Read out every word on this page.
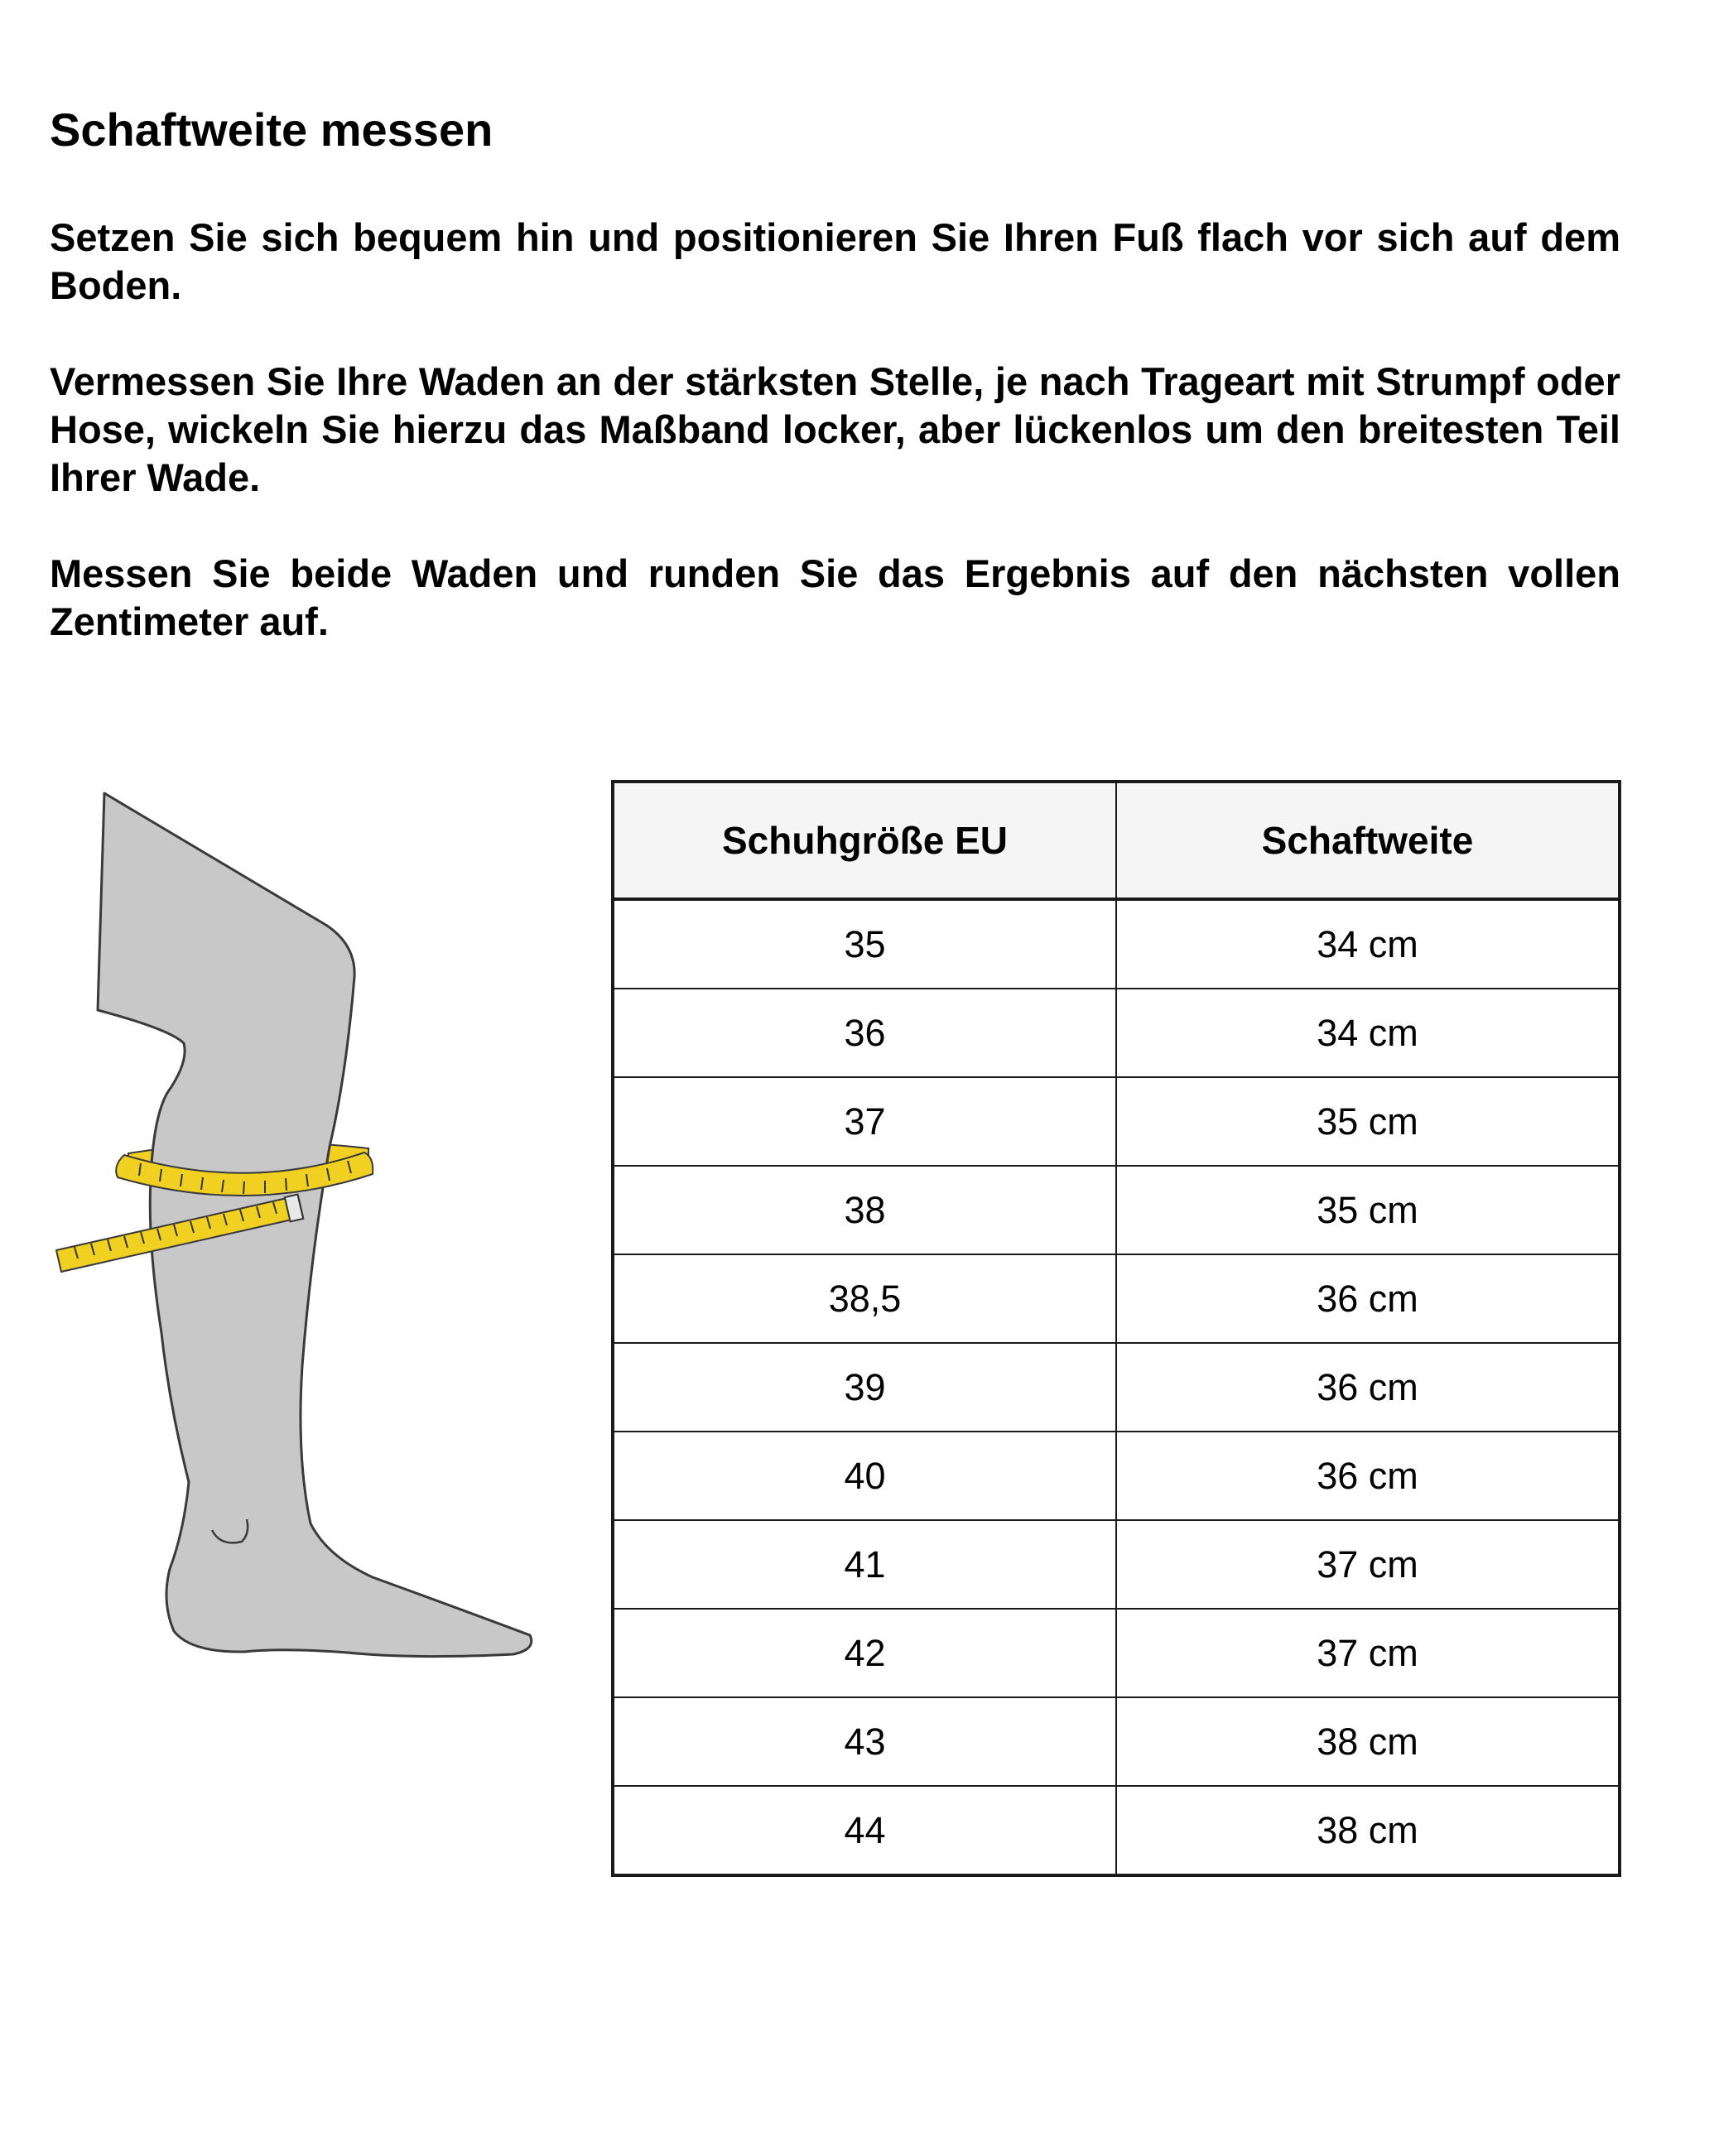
Schaftweite messen

Setzen Sie sich bequem hin und positionieren Sie Ihren Fuß flach vor sich auf dem Boden.

Vermessen Sie Ihre Waden an der stärksten Stelle, je nach Trageart mit Strumpf oder Hose, wickeln Sie hierzu das Maßband locker, aber lückenlos um den breitesten Teil Ihrer Wade.

Messen Sie beide Waden und runden Sie das Ergebnis auf den nächsten vollen Zentimeter auf.

Schuhgröße EU	Schaftweite
35	34 cm
36	34 cm
37	35 cm
38	35 cm
38,5	36 cm
39	36 cm
40	36 cm
41	37 cm
42	37 cm
43	38 cm
44	38 cm
